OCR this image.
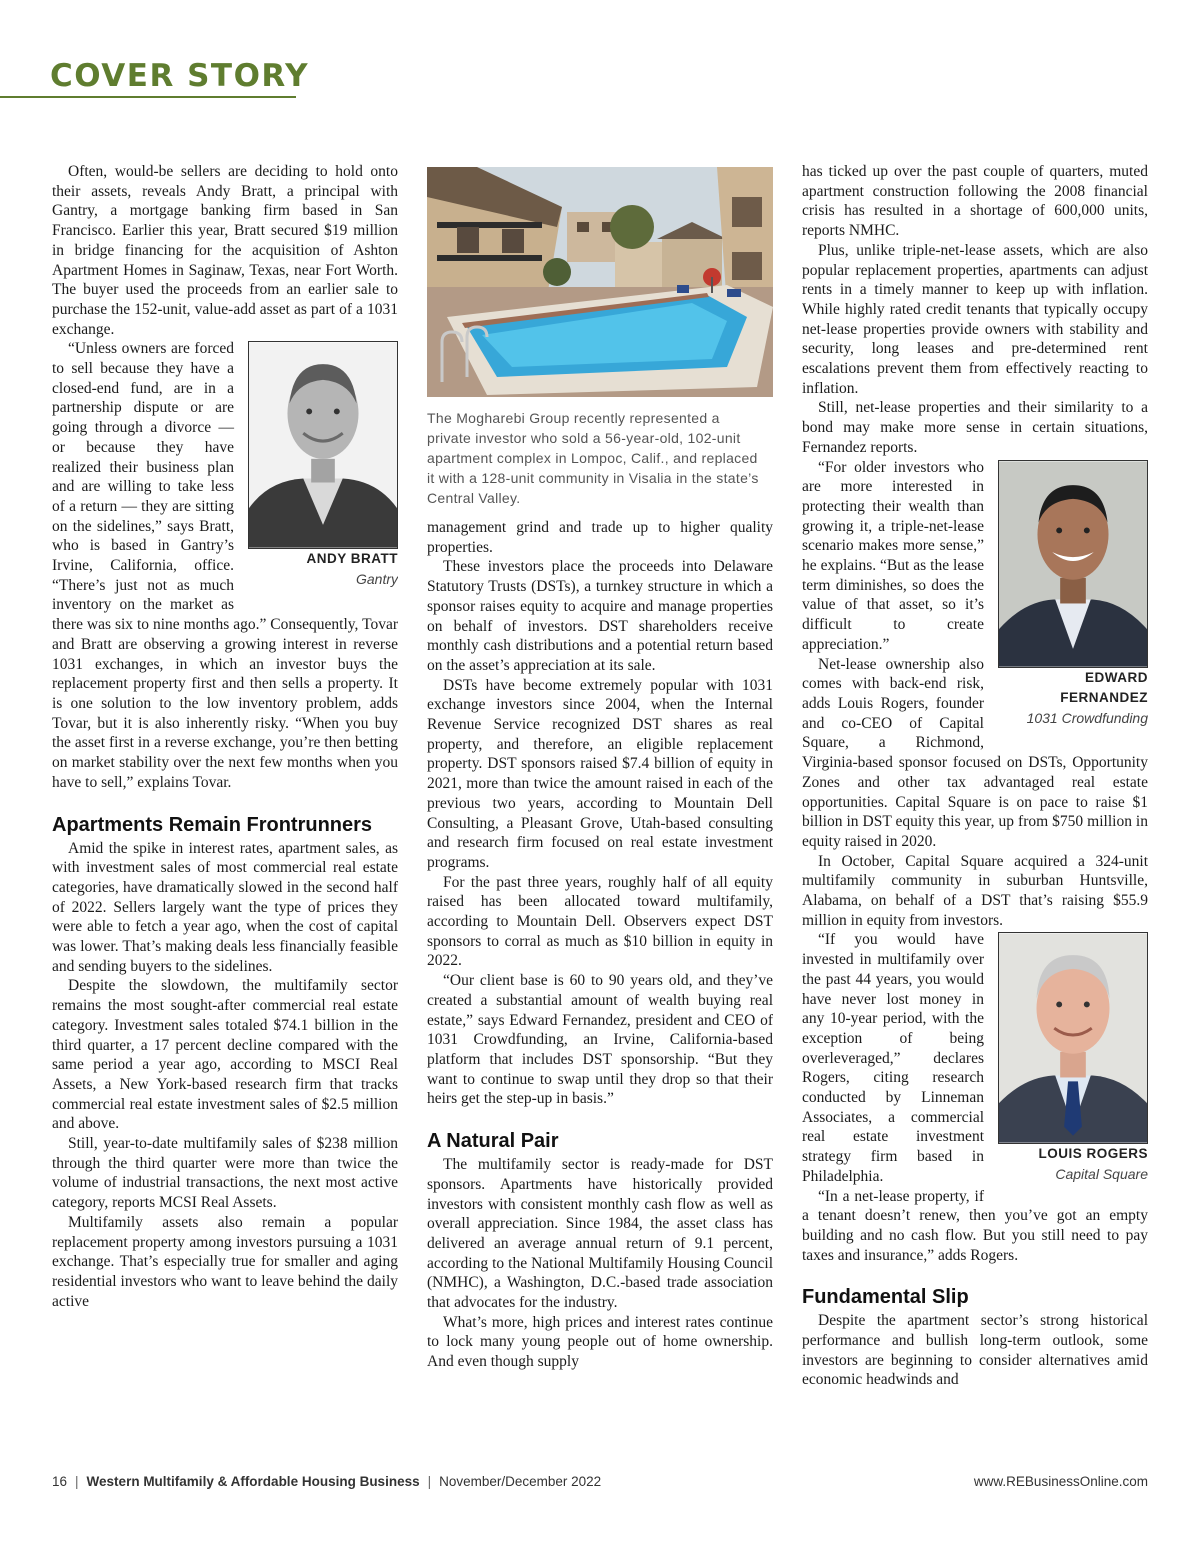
COVER STORY
The Mogharebi Group recently represented a private investor who sold a 56-year-old, 102-unit apartment complex in Lompoc, Calif., and replaced it with a 128-unit community in Visalia in the state’s Central Valley.

Often, would-be sellers are deciding to hold onto their assets, reveals Andy Bratt, a principal with Gantry, a mortgage banking firm based in San Francisco. Earlier this year, Bratt secured $19 million in bridge financing for the acquisition of Ashton Apartment Homes in Saginaw, Texas, near Fort Worth. The buyer used the proceeds from an earlier sale to purchase the 152-unit, value-add asset as part of a 1031 exchange.

ANDY BRATT
Gantry

“Unless owners are forced to sell because they have a closed-end fund, are in a partnership dispute or are going through a divorce — or because they have realized their business plan and are willing to take less of a return — they are sitting on the sidelines,” says Bratt, who is based in Gantry’s Irvine, California, office. “There’s just not as much inventory on the market as there was six to nine months ago.” Consequently, Tovar and Bratt are observing a growing interest in reverse 1031 exchanges, in which an investor buys the replacement property first and then sells a property. It is one solution to the low inventory problem, adds Tovar, but it is also inherently risky. “When you buy the asset first in a reverse exchange, you’re then betting on market stability over the next few months when you have to sell,” explains Tovar.

Apartments Remain Frontrunners

Amid the spike in interest rates, apartment sales, as with investment sales of most commercial real estate categories, have dramatically slowed in the second half of 2022. Sellers largely want the type of prices they were able to fetch a year ago, when the cost of capital was lower. That’s making deals less financially feasible and sending buyers to the sidelines.

Despite the slowdown, the multifamily sector remains the most sought-after commercial real estate category. Investment sales totaled $74.1 billion in the third quarter, a 17 percent decline compared with the same period a year ago, according to MSCI Real Assets, a New York-based research firm that tracks commercial real estate investment sales of $2.5 million and above.

Still, year-to-date multifamily sales of $238 million through the third quarter were more than twice the volume of industrial transactions, the next most active category, reports MCSI Real Assets.

Multifamily assets also remain a popular replacement property among investors pursuing a 1031 exchange. That’s especially true for smaller and aging residential investors who want to leave behind the daily active

management grind and trade up to higher quality properties.

These investors place the proceeds into Delaware Statutory Trusts (DSTs), a turnkey structure in which a sponsor raises equity to acquire and manage properties on behalf of investors. DST shareholders receive monthly cash distributions and a potential return based on the asset’s appreciation at its sale.

DSTs have become extremely popular with 1031 exchange investors since 2004, when the Internal Revenue Service recognized DST shares as real property, and therefore, an eligible replacement property. DST sponsors raised $7.4 billion of equity in 2021, more than twice the amount raised in each of the previous two years, according to Mountain Dell Consulting, a Pleasant Grove, Utah-based consulting and research firm focused on real estate investment programs.

For the past three years, roughly half of all equity raised has been allocated toward multifamily, according to Mountain Dell. Observers expect DST sponsors to corral as much as $10 billion in equity in 2022.

“Our client base is 60 to 90 years old, and they’ve created a substantial amount of wealth buying real estate,” says Edward Fernandez, president and CEO of 1031 Crowdfunding, an Irvine, California-based platform that includes DST sponsorship. “But they want to continue to swap until they drop so that their heirs get the step-up in basis.”

A Natural Pair

The multifamily sector is ready-made for DST sponsors. Apartments have historically provided investors with consistent monthly cash flow as well as overall appreciation. Since 1984, the asset class has delivered an average annual return of 9.1 percent, according to the National Multifamily Housing Council (NMHC), a Washington, D.C.-based trade association that advocates for the industry.

What’s more, high prices and interest rates continue to lock many young people out of home ownership. And even though supply

has ticked up over the past couple of quarters, muted apartment construction following the 2008 financial crisis has resulted in a shortage of 600,000 units, reports NMHC.

Plus, unlike triple-net-lease assets, which are also popular replacement properties, apartments can adjust rents in a timely manner to keep up with inflation. While highly rated credit tenants that typically occupy net-lease properties provide owners with stability and security, long leases and pre-determined rent escalations prevent them from effectively reacting to inflation.

Still, net-lease properties and their similarity to a bond may make more sense in certain situations, Fernandez reports.

EDWARD FERNANDEZ
1031 Crowdfunding

“For older investors who are more interested in protecting their wealth than growing it, a triple-net-lease scenario makes more sense,” he explains. “But as the lease term diminishes, so does the value of that asset, so it’s difficult to create appreciation.”

Net-lease ownership also comes with back-end risk, adds Louis Rogers, founder and co-CEO of Capital Square, a Richmond, Virginia-based sponsor focused on DSTs, Opportunity Zones and other tax advantaged real estate opportunities. Capital Square is on pace to raise $1 billion in DST equity this year, up from $750 million in equity raised in 2020.

In October, Capital Square acquired a 324-unit multifamily community in suburban Huntsville, Alabama, on behalf of a DST that’s raising $55.9 million in equity from investors.

LOUIS ROGERS
Capital Square

“If you would have invested in multifamily over the past 44 years, you would have never lost money in any 10-year period, with the exception of being overleveraged,” declares Rogers, citing research conducted by Linneman Associates, a commercial real estate investment strategy firm based in Philadelphia.

“In a net-lease property, if a tenant doesn’t renew, then you’ve got an empty building and no cash flow. But you still need to pay taxes and insurance,” adds Rogers.

Fundamental Slip

Despite the apartment sector’s strong historical performance and bullish long-term outlook, some investors are beginning to consider alternatives amid economic headwinds and

16 | Western Multifamily & Affordable Housing Business | November/December 2022	www.REBusinessOnline.com
